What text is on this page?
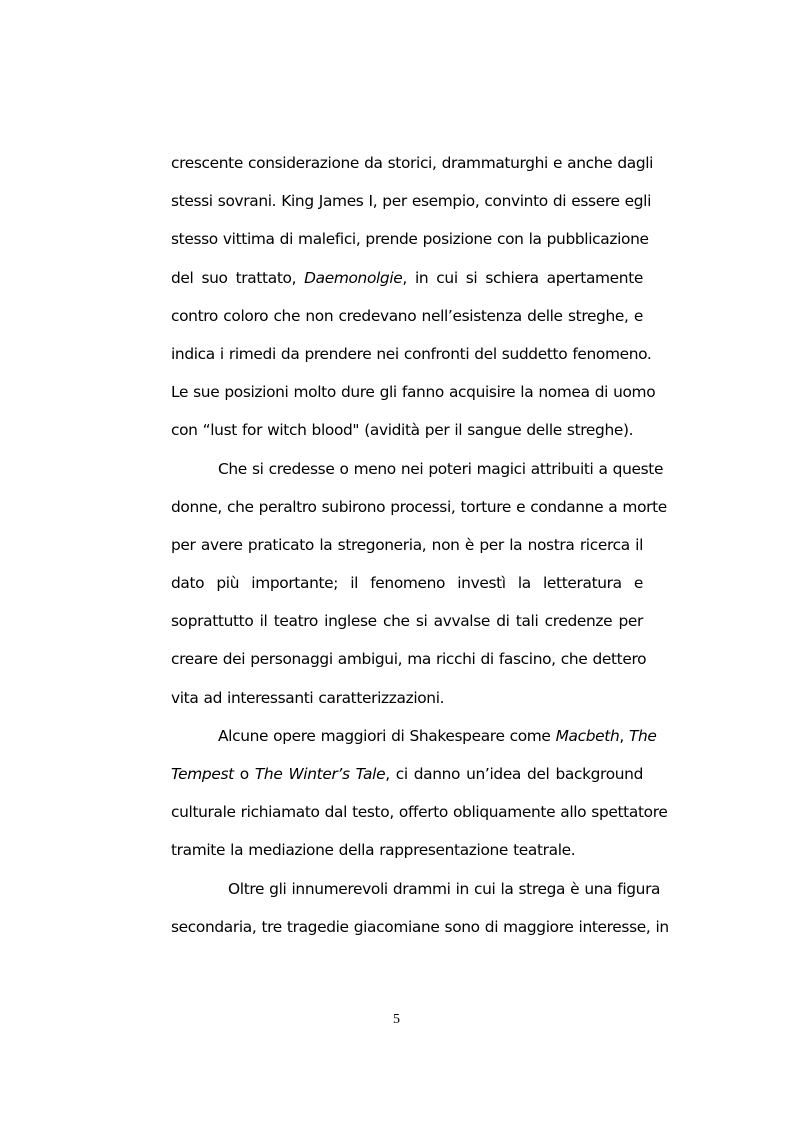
crescente considerazione da storici, drammaturghi e anche dagli
stessi sovrani. King James I, per esempio, convinto di essere egli
stesso vittima di malefici, prende posizione con la pubblicazione
del suo trattato, Daemonolgie, in cui si schiera apertamente
contro coloro che non credevano nell’esistenza delle streghe, e
indica i rimedi da prendere nei confronti del suddetto fenomeno.
Le sue posizioni molto dure gli fanno acquisire la nomea di uomo
con “lust for witch blood" (avidità per il sangue delle streghe).
Che si credesse o meno nei poteri magici attribuiti a queste
donne, che peraltro subirono processi, torture e condanne a morte
per avere praticato la stregoneria, non è per la nostra ricerca il
dato più importante; il fenomeno investì la letteratura e
soprattutto il teatro inglese che si avvalse di tali credenze per
creare dei personaggi ambigui, ma ricchi di fascino, che dettero
vita ad interessanti caratterizzazioni.
Alcune opere maggiori di Shakespeare come Macbeth, The
Tempest o The Winter’s Tale, ci danno un’idea del background
culturale richiamato dal testo, offerto obliquamente allo spettatore
tramite la mediazione della rappresentazione teatrale.
Oltre gli innumerevoli drammi in cui la strega è una figura
secondaria, tre tragedie giacomiane sono di maggiore interesse, in
5
